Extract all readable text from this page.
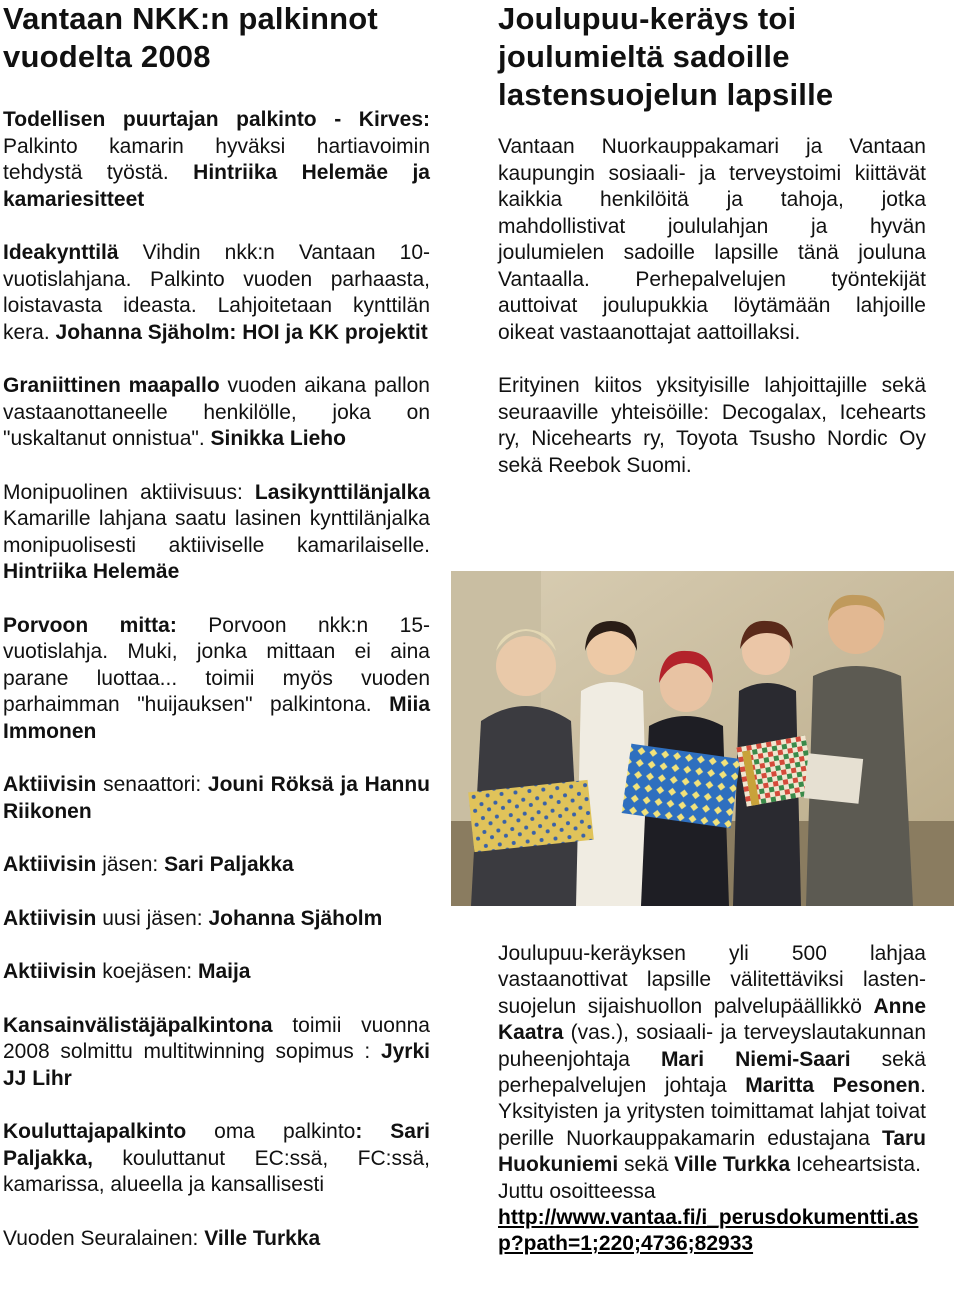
Vantaan NKK:n palkinnot vuodelta 2008

Todellisen puurtajan palkinto - Kirves: Palkinto kamarin hyväksi hartiavoimin tehdystä työstä. Hintriika Helemäe ja kamariesitteet

Ideakynttilä Vihdin nkk:n Vantaan 10-vuotislahjana. Palkinto vuoden parhaasta, loistavasta ideasta. Lahjoitetaan kynttilän kera. Johanna Sjäholm: HOI ja KK projektit

Graniittinen maapallo vuoden aikana pallon vastaanottaneelle henkilölle, joka on "uskaltanut onnistua". Sinikka Lieho

Monipuolinen aktiivisuus: Lasikynttilänjalka Kamarille lahjana saatu lasinen kynttilänjalka monipuolisesti aktiiviselle kamarilaiselle. Hintriika Helemäe

Porvoon mitta: Porvoon nkk:n 15-vuotislahja. Muki, jonka mittaan ei aina parane luottaa... toimii myös vuoden parhaimman "huijauksen" palkintona. Miia Immonen

Aktiivisin senaattori: Jouni Röksä ja Hannu Riikonen

Aktiivisin jäsen: Sari Paljakka

Aktiivisin uusi jäsen: Johanna Sjäholm

Aktiivisin koejäsen: Maija

Kansainvälistäjäpalkintona toimii vuonna 2008 solmittu multitwinning sopimus : Jyrki JJ Lihr

Kouluttajapalkinto oma palkinto: Sari Paljakka, kouluttanut EC:ssä, FC:ssä, kamarissa, alueella ja kansallisesti

Vuoden Seuralainen: Ville Turkka

Joulupuu-keräys toi joulumieltä sadoille lastensuojelun lapsille

Vantaan Nuorkauppakamari ja Vantaan kaupungin sosiaali- ja terveystoimi kiittävät kaikkia henkilöitä ja tahoja, jotka mahdollistivat joululahjan ja hyvän joulumielen sadoille lapsille tänä jouluna Vantaalla. Perhepalvelujen työntekijät auttoivat joulupukkia löytämään lahjoille oikeat vastaanottajat aattoillaksi.

Erityinen kiitos yksityisille lahjoittajille sekä seuraaville yhteisöille: Decogalax, Icehearts ry, Nicehearts ry, Toyota Tsusho Nordic Oy sekä Reebok Suomi.

Joulupuu-keräyksen yli 500 lahjaa vastaanottivat lapsille välitettäviksi lasten- suojelun sijaishuollon palvelupäällikkö Anne Kaatra (vas.), sosiaali- ja terveyslautakunnan puheenjohtaja Mari Niemi-Saari sekä perhepalvelujen johtaja Maritta Pesonen. Yksityisten ja yritysten toimittamat lahjat toivat perille Nuorkauppakamarin edustajana Taru Huokuniemi sekä Ville Turkka Iceheartsista.

Juttu osoitteessa

http://www.vantaa.fi/i_perusdokumentti.asp?path=1;220;4736;82933
